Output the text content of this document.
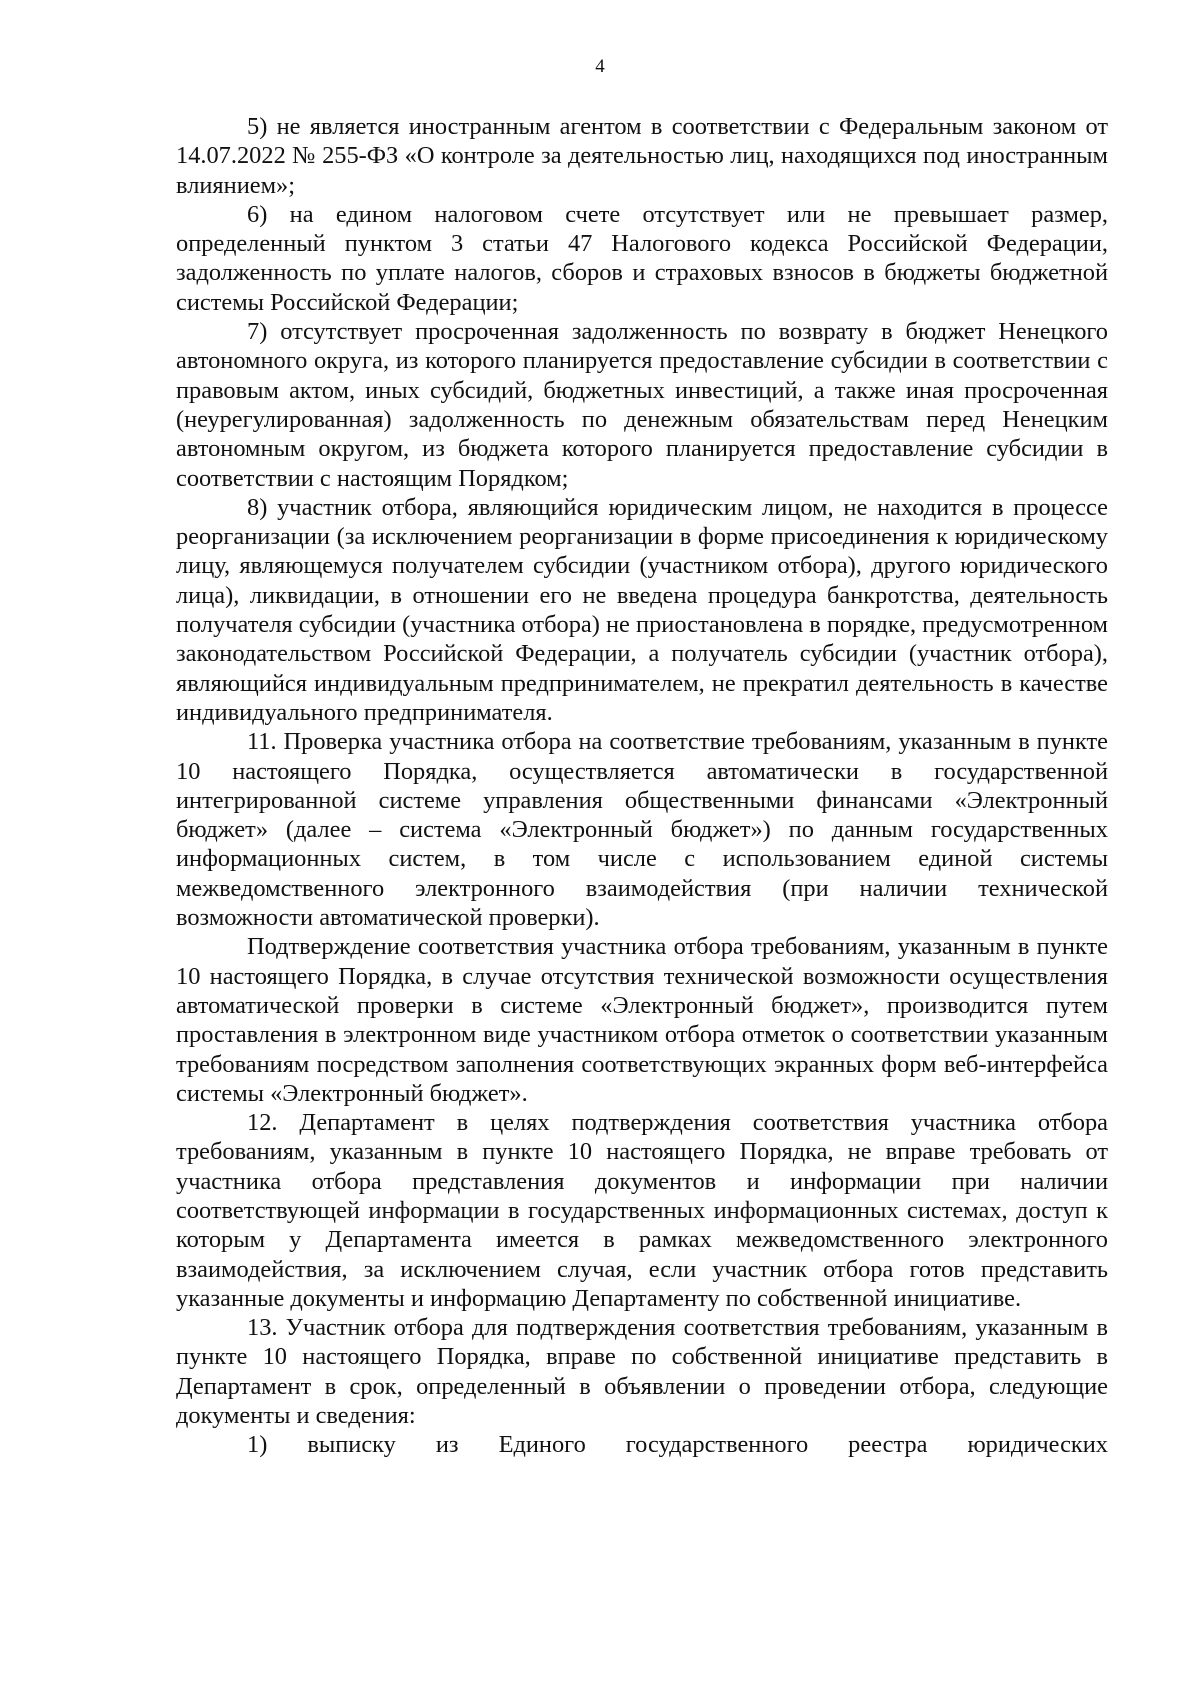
4

5) не является иностранным агентом в соответствии с Федеральным законом от 14.07.2022 № 255-ФЗ «О контроле за деятельностью лиц, находящихся под иностранным влиянием»;

6) на едином налоговом счете отсутствует или не превышает размер, определенный пунктом 3 статьи 47 Налогового кодекса Российской Федерации, задолженность по уплате налогов, сборов и страховых взносов в бюджеты бюджетной системы Российской Федерации;

7) отсутствует просроченная задолженность по возврату в бюджет Ненецкого автономного округа, из которого планируется предоставление субсидии в соответствии с правовым актом, иных субсидий, бюджетных инвестиций, а также иная просроченная (неурегулированная) задолженность по денежным обязательствам перед Ненецким автономным округом, из бюджета которого планируется предоставление субсидии в соответствии с настоящим Порядком;

8) участник отбора, являющийся юридическим лицом, не находится в процессе реорганизации (за исключением реорганизации в форме присоединения к юридическому лицу, являющемуся получателем субсидии (участником отбора), другого юридического лица), ликвидации, в отношении его не введена процедура банкротства, деятельность получателя субсидии (участника отбора) не приостановлена в порядке, предусмотренном законодательством Российской Федерации, а получатель субсидии (участник отбора), являющийся индивидуальным предпринимателем, не прекратил деятельность в качестве индивидуального предпринимателя.

11. Проверка участника отбора на соответствие требованиям, указанным в пункте 10 настоящего Порядка, осуществляется автоматически в государственной интегрированной системе управления общественными финансами «Электронный бюджет» (далее – система «Электронный бюджет») по данным государственных информационных систем, в том числе с использованием единой системы межведомственного электронного взаимодействия (при наличии технической возможности автоматической проверки).

Подтверждение соответствия участника отбора требованиям, указанным в пункте 10 настоящего Порядка, в случае отсутствия технической возможности осуществления автоматической проверки в системе «Электронный бюджет», производится путем проставления в электронном виде участником отбора отметок о соответствии указанным требованиям посредством заполнения соответствующих экранных форм веб-интерфейса системы «Электронный бюджет».

12. Департамент в целях подтверждения соответствия участника отбора требованиям, указанным в пункте 10 настоящего Порядка, не вправе требовать от участника отбора представления документов и информации при наличии соответствующей информации в государственных информационных системах, доступ к которым у Департамента имеется в рамках межведомственного электронного взаимодействия, за исключением случая, если участник отбора готов представить указанные документы и информацию Департаменту по собственной инициативе.

13. Участник отбора для подтверждения соответствия требованиям, указанным в пункте 10 настоящего Порядка, вправе по собственной инициативе представить в Департамент в срок, определенный в объявлении о проведении отбора, следующие документы и сведения:

1) выписку из Единого государственного реестра юридических
